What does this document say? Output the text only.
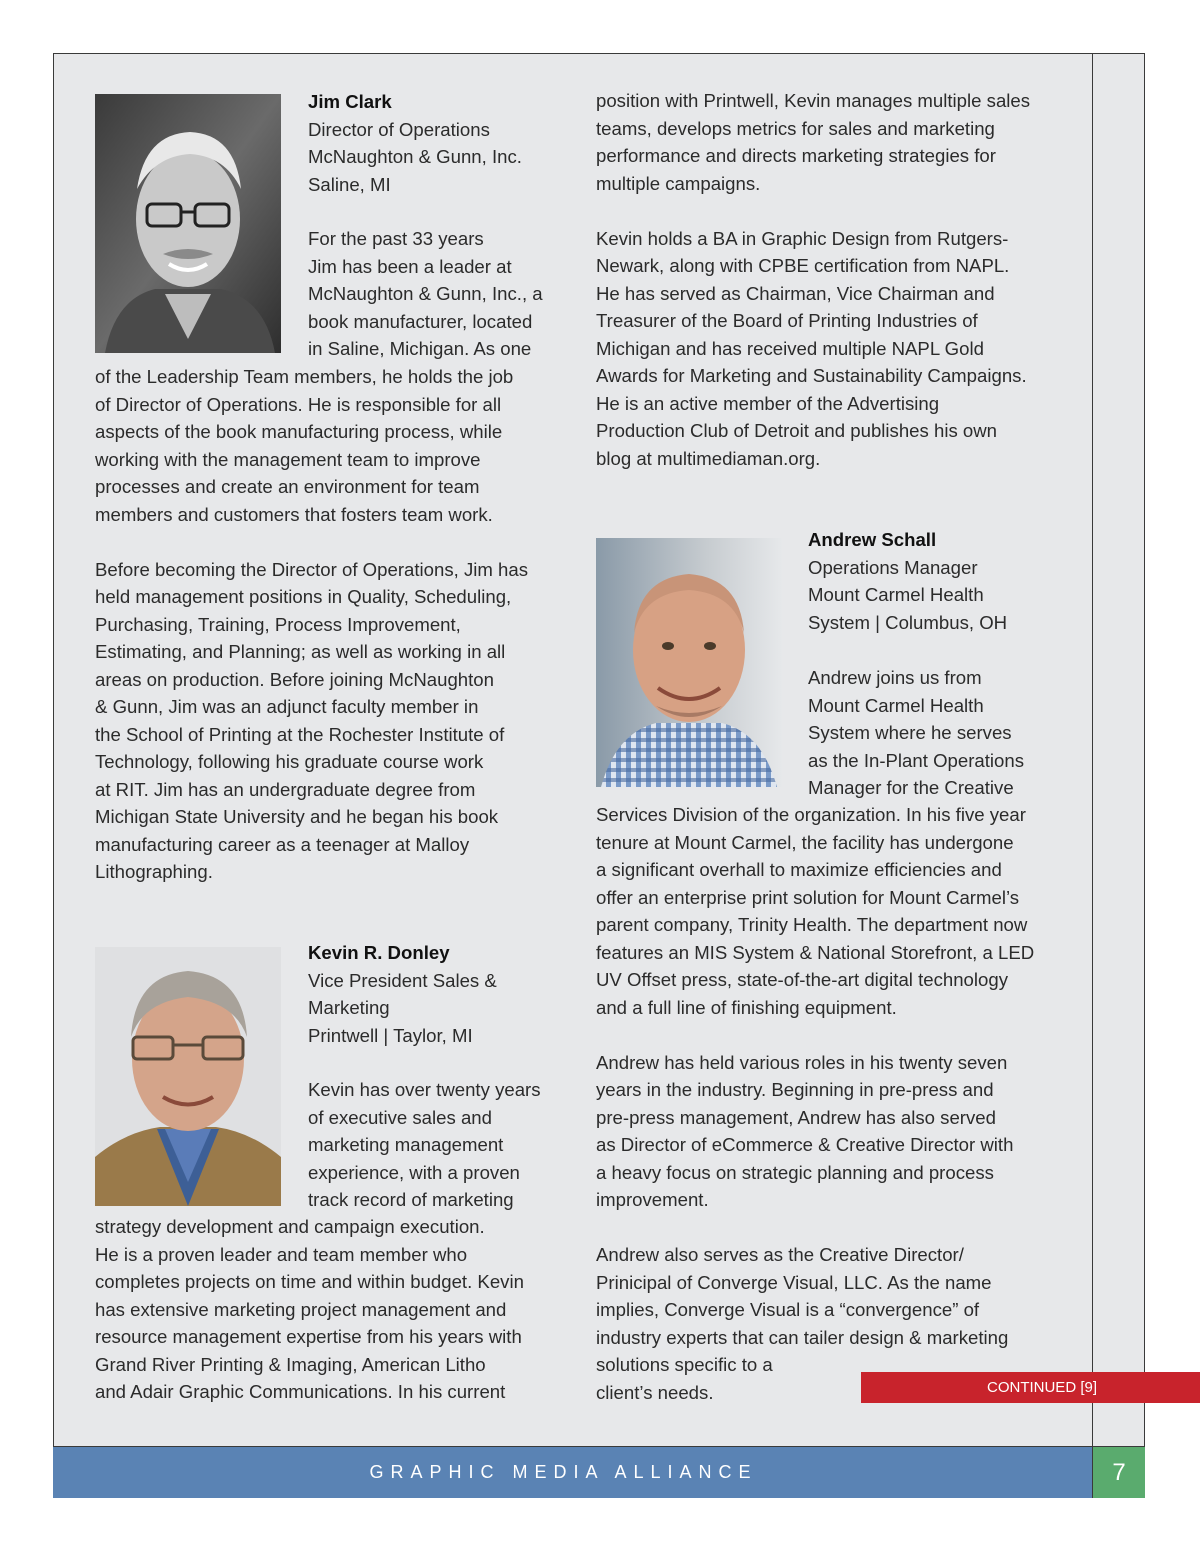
Jim Clark
Director of Operations
McNaughton & Gunn, Inc.
Saline, MI
For the past 33 years
Jim has been a leader at
McNaughton & Gunn, Inc., a
book manufacturer, located
in Saline, Michigan. As one
of the Leadership Team members, he holds the job
of Director of Operations. He is responsible for all
aspects of the book manufacturing process, while
working with the management team to improve
processes and create an environment for team
members and customers that fosters team work.
Before becoming the Director of Operations, Jim has
held management positions in Quality, Scheduling,
Purchasing, Training, Process Improvement,
Estimating, and Planning; as well as working in all
areas on production. Before joining McNaughton
& Gunn, Jim was an adjunct faculty member in
the School of Printing at the Rochester Institute of
Technology, following his graduate course work
at RIT. Jim has an undergraduate degree from
Michigan State University and he began his book
manufacturing career as a teenager at Malloy
Lithographing.
Kevin R. Donley
Vice President Sales &
Marketing
Printwell | Taylor, MI
Kevin has over twenty years
of executive sales and
marketing management
experience, with a proven
track record of marketing
strategy development and campaign execution.
He is a proven leader and team member who
completes projects on time and within budget. Kevin
has extensive marketing project management and
resource management expertise from his years with
Grand River Printing & Imaging, American Litho
and Adair Graphic Communications. In his current
position with Printwell, Kevin manages multiple sales
teams, develops metrics for sales and marketing
performance and directs marketing strategies for
multiple campaigns.
Kevin holds a BA in Graphic Design from Rutgers-
Newark, along with CPBE certification from NAPL.
He has served as Chairman, Vice Chairman and
Treasurer of the Board of Printing Industries of
Michigan and has received multiple NAPL Gold
Awards for Marketing and Sustainability Campaigns.
He is an active member of the Advertising
Production Club of Detroit and publishes his own
blog at multimediaman.org.
Andrew Schall
Operations Manager
Mount Carmel Health
System | Columbus, OH
Andrew joins us from
Mount Carmel Health
System where he serves
as the In-Plant Operations
Manager for the Creative
Services Division of the organization. In his five year
tenure at Mount Carmel, the facility has undergone
a significant overhall to maximize efficiencies and
offer an enterprise print solution for Mount Carmel’s
parent company, Trinity Health. The department now
features an MIS System & National Storefront, a LED
UV Offset press, state-of-the-art digital technology
and a full line of finishing equipment.
Andrew has held various roles in his twenty seven
years in the industry. Beginning in pre-press and
pre-press management, Andrew has also served
as Director of eCommerce & Creative Director with
a heavy focus on strategic planning and process
improvement.
Andrew also serves as the Creative Director/
Prinicipal of Converge Visual, LLC. As the name
implies, Converge Visual is a “convergence” of
industry experts that can tailer design & marketing
solutions specific to a
client’s needs.	CONTINUED [9]
GRAPHIC MEDIA ALLIANCE	7
